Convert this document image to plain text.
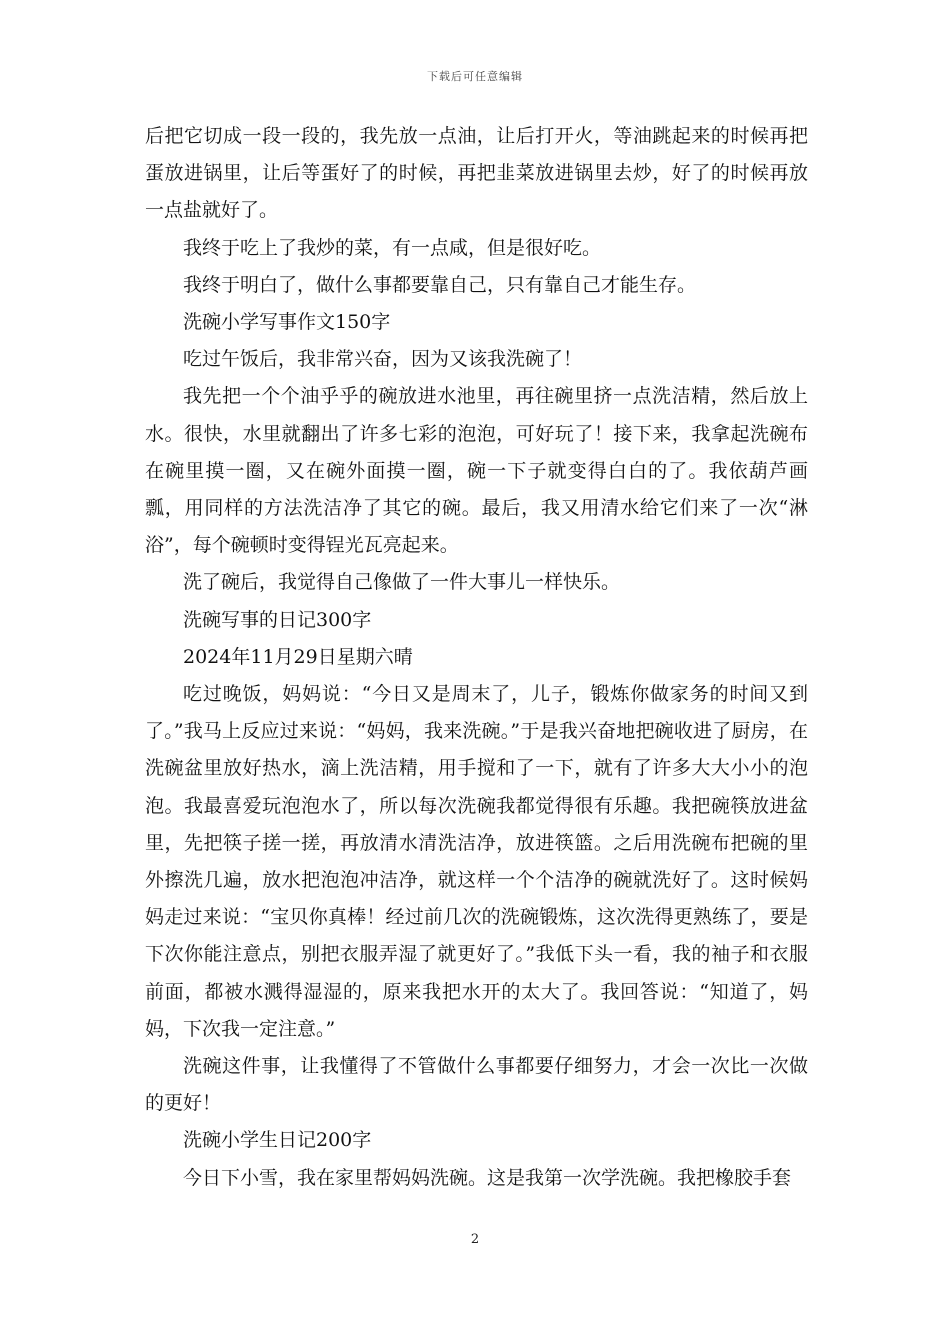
下载后可任意编辑

后把它切成一段一段的，我先放一点油，让后打开火，等油跳起来的时候再把蛋放进锅里，让后等蛋好了的时候，再把韭菜放进锅里去炒，好了的时候再放一点盐就好了。

我终于吃上了我炒的菜，有一点咸，但是很好吃。

我终于明白了，做什么事都要靠自己，只有靠自己才能生存。

洗碗小学写事作文150字

吃过午饭后，我非常兴奋，因为又该我洗碗了！

我先把一个个油乎乎的碗放进水池里，再往碗里挤一点洗洁精，然后放上水。很快，水里就翻出了许多七彩的泡泡，可好玩了！接下来，我拿起洗碗布在碗里摸一圈，又在碗外面摸一圈，碗一下子就变得白白的了。我依葫芦画瓢，用同样的方法洗洁净了其它的碗。最后，我又用清水给它们来了一次“淋浴”，每个碗顿时变得锃光瓦亮起来。

洗了碗后，我觉得自己像做了一件大事儿一样快乐。

洗碗写事的日记300字

2024年11月29日星期六晴

吃过晚饭，妈妈说：“今日又是周末了，儿子，锻炼你做家务的时间又到了。”我马上反应过来说：“妈妈，我来洗碗。”于是我兴奋地把碗收进了厨房，在洗碗盆里放好热水，滴上洗洁精，用手搅和了一下，就有了许多大大小小的泡泡。我最喜爱玩泡泡水了，所以每次洗碗我都觉得很有乐趣。我把碗筷放进盆里，先把筷子搓一搓，再放清水清洗洁净，放进筷篮。之后用洗碗布把碗的里外擦洗几遍，放水把泡泡冲洁净，就这样一个个洁净的碗就洗好了。这时候妈妈走过来说：“宝贝你真棒！经过前几次的洗碗锻炼，这次洗得更熟练了，要是下次你能注意点，别把衣服弄湿了就更好了。”我低下头一看，我的袖子和衣服前面，都被水溅得湿湿的，原来我把水开的太大了。我回答说：“知道了，妈妈，下次我一定注意。”

洗碗这件事，让我懂得了不管做什么事都要仔细努力，才会一次比一次做的更好！

洗碗小学生日记200字

今日下小雪，我在家里帮妈妈洗碗。这是我第一次学洗碗。我把橡胶手套

2
